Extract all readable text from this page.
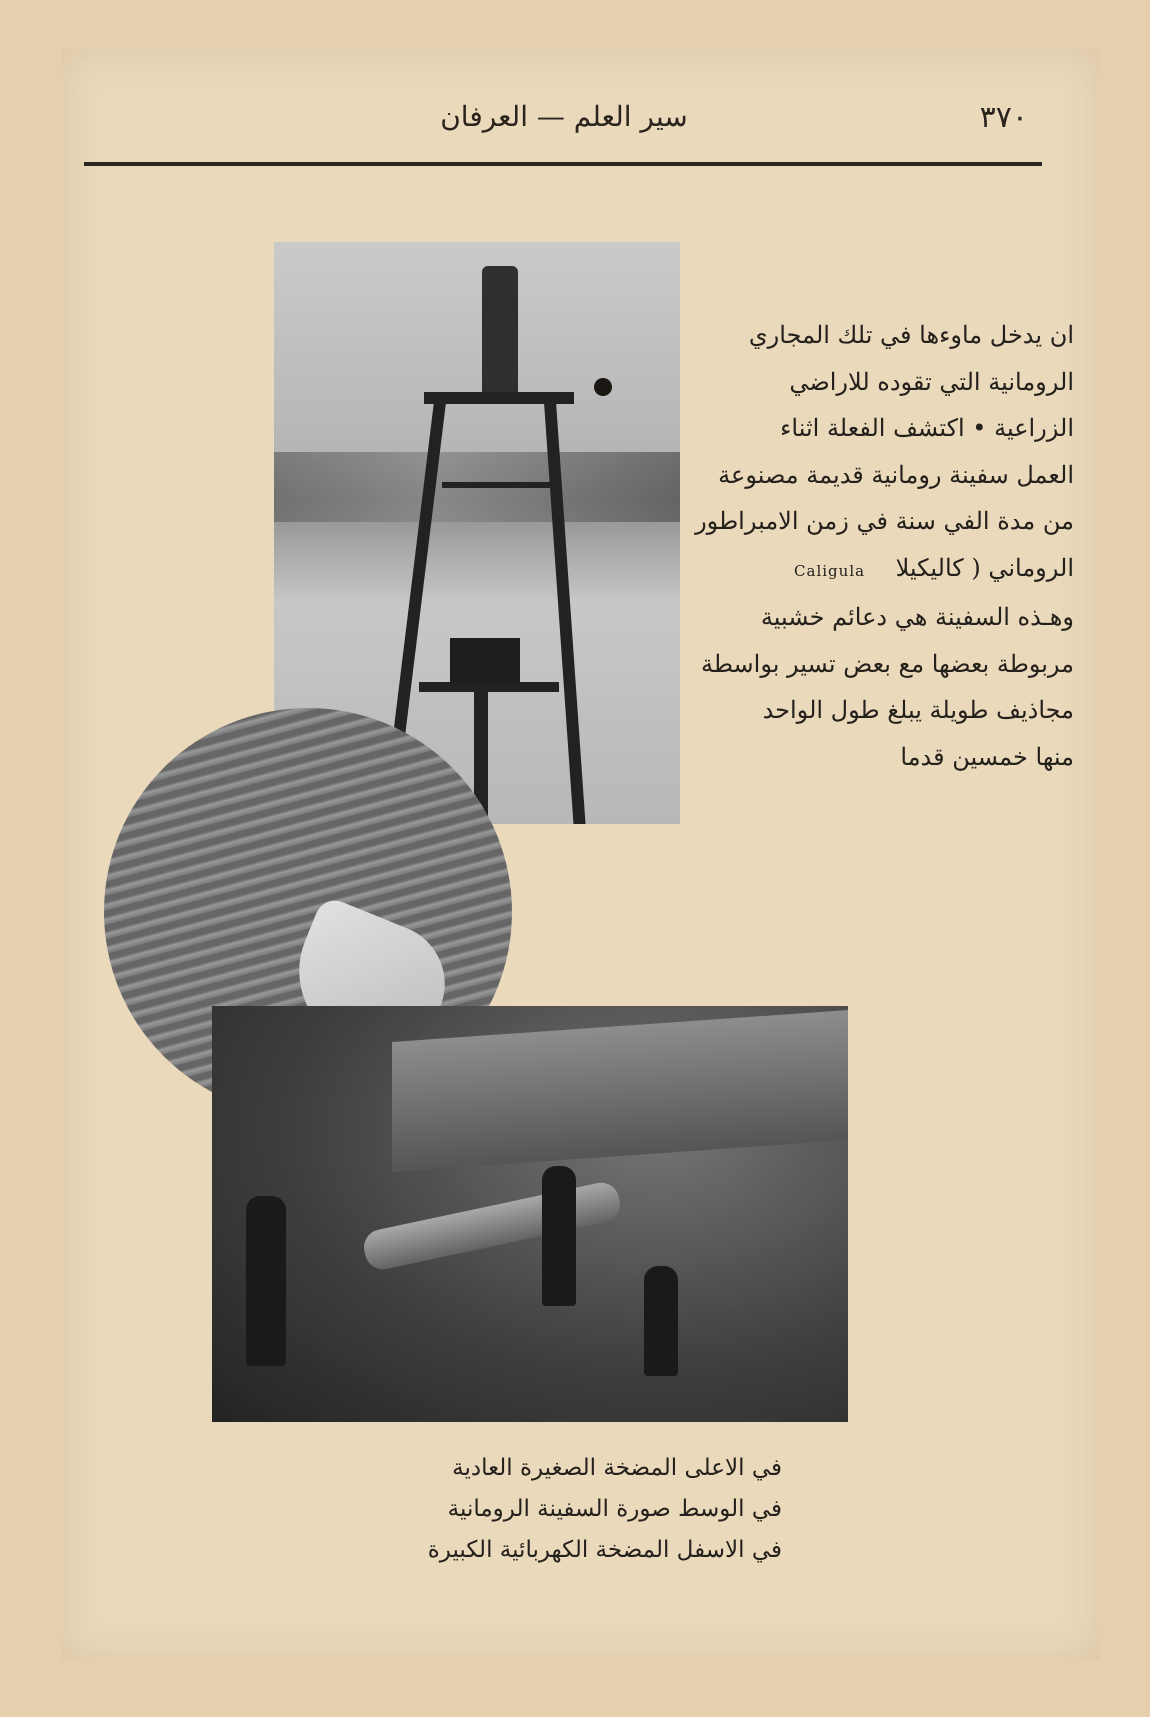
٣٧٠
سير العلم — العرفان
ان يدخل ماوءها في تلك المجاري
الرومانية التي تقوده للاراضي
الزراعية • اكتشف الفعلة اثناء
العمل سفينة رومانية قديمة مصنوعة
من مدة الفي سنة في زمن الامبراطور
الروماني ( كاليكيلا    Caligula
وهـذه السفينة هي دعائم خشبية
مربوطة بعضها مع بعض تسير بواسطة
مجاذيف طويلة يبلغ طول الواحد
منها خمسين قدما
في الاعلى المضخة الصغيرة العادية
في الوسط صورة السفينة الرومانية
في الاسفل المضخة الكهربائية الكبيرة
